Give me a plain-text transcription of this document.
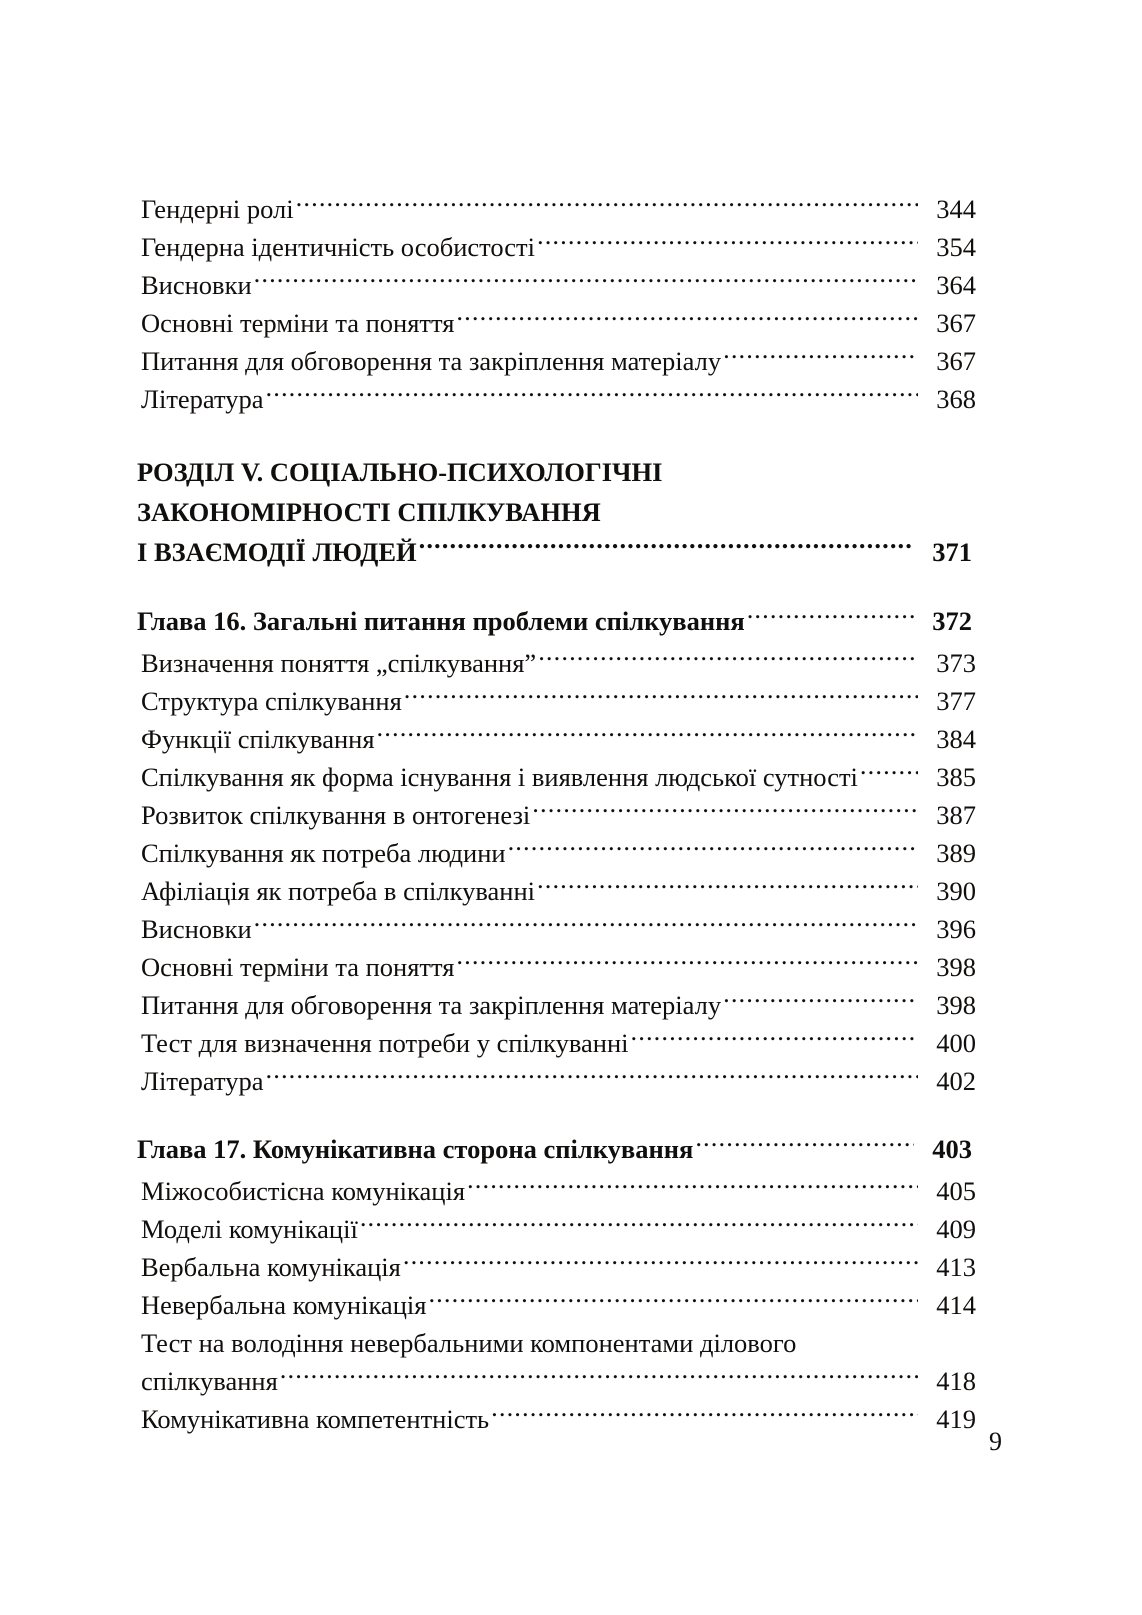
Гендерні ролі .....	344
Гендерна ідентичність особистості .....	354
Висновки .....	364
Основні терміни та поняття .....	367
Питання для обговорення та закріплення матеріалу .....	367
Література .....	368
РОЗДІЛ V. СОЦІАЛЬНО-ПСИХОЛОГІЧНІ
ЗАКОНОМІРНОСТІ СПІЛКУВАННЯ
І ВЗАЄМОДІЇ ЛЮДЕЙ .....	371
Глава 16. Загальні питання проблеми спілкування .....	372
Визначення поняття „спілкування” .....	373
Структура спілкування .....	377
Функції спілкування .....	384
Спілкування як форма існування і виявлення людської сутності .....	385
Розвиток спілкування в онтогенезі .....	387
Спілкування як потреба людини .....	389
Афіліація як потреба в спілкуванні .....	390
Висновки .....	396
Основні терміни та поняття .....	398
Питання для обговорення та закріплення матеріалу .....	398
Тест для визначення потреби у спілкуванні .....	400
Література .....	402
Глава 17. Комунікативна сторона спілкування .....	403
Міжособистісна комунікація .....	405
Моделі комунікації .....	409
Вербальна комунікація .....	413
Невербальна комунікація .....	414
Тест на володіння невербальними компонентами ділового
спілкування .....	418
Комунікативна компетентність .....	419
9
